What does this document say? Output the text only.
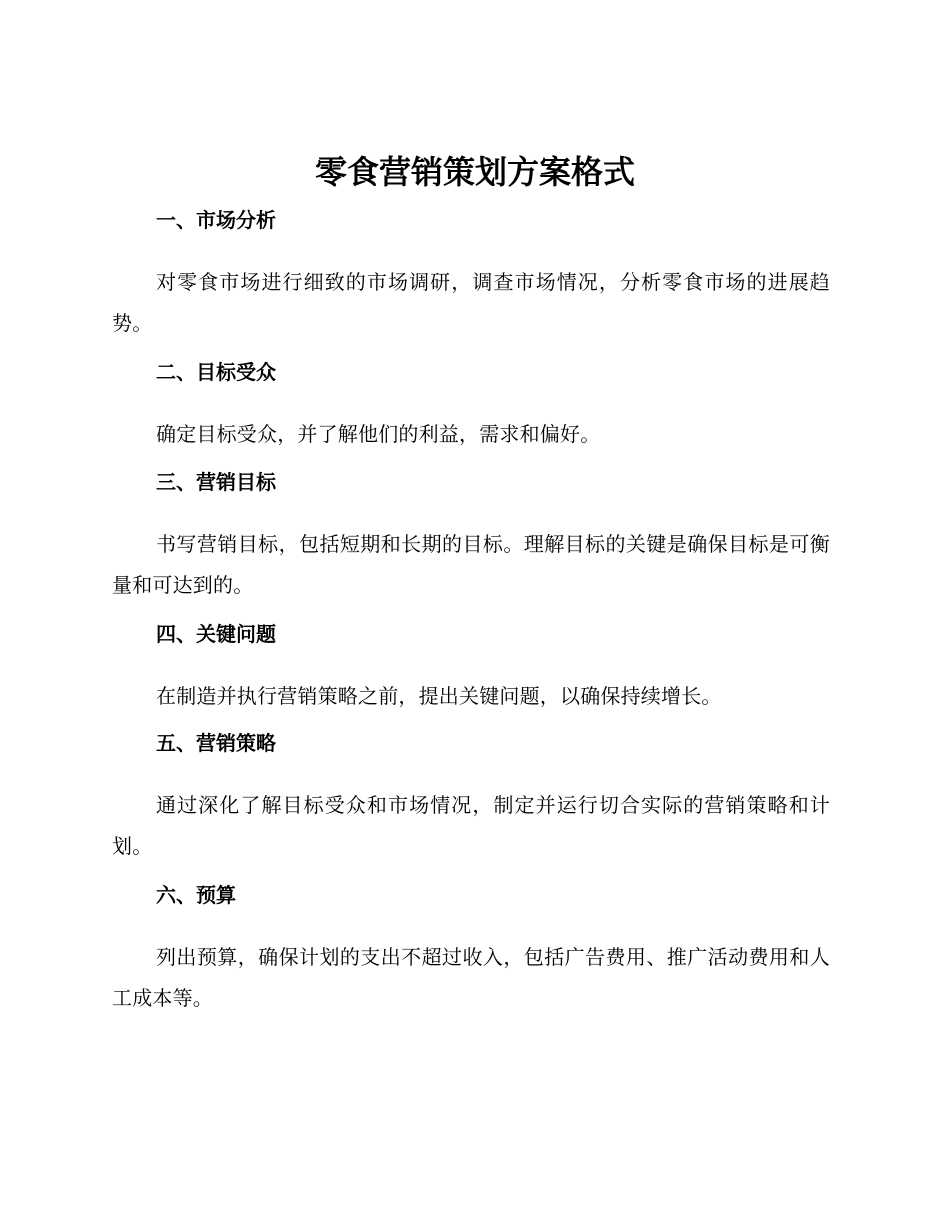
零食营销策划方案格式

一、市场分析

对零食市场进行细致的市场调研，调查市场情况，分析零食市场的进展趋势。

二、目标受众

确定目标受众，并了解他们的利益，需求和偏好。

三、营销目标

书写营销目标，包括短期和长期的目标。理解目标的关键是确保目标是可衡量和可达到的。

四、关键问题

在制造并执行营销策略之前，提出关键问题，以确保持续增长。

五、营销策略

通过深化了解目标受众和市场情况，制定并运行切合实际的营销策略和计划。

六、预算

列出预算，确保计划的支出不超过收入，包括广告费用、推广活动费用和人工成本等。
